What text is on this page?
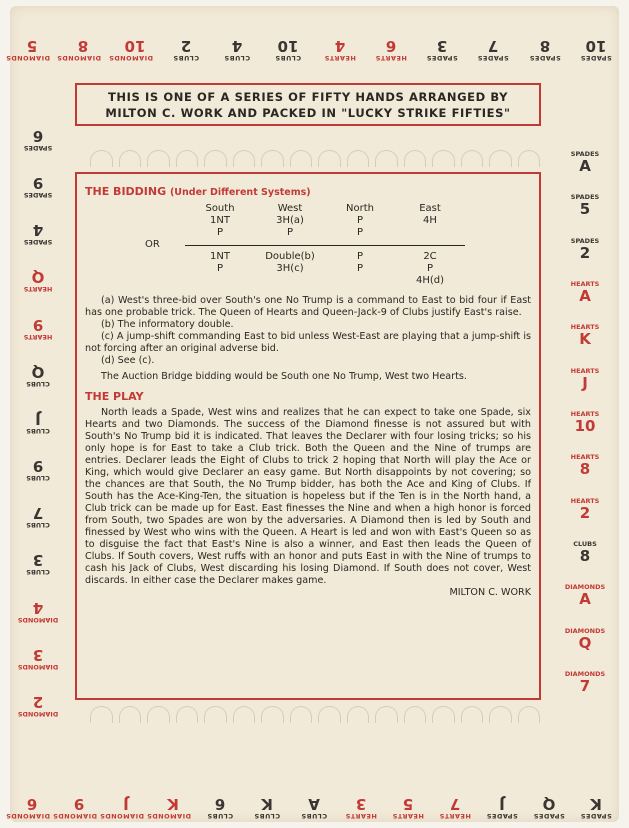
DIAMONDS
5
DIAMONDS
8
DIAMONDS
10
CLUBS
2
CLUBS
4
CLUBS
10
HEARTS
4
HEARTS
6
SPADES
3
SPADES
7
SPADES
8
SPADES
10
DIAMONDS
6
DIAMONDS
9
DIAMONDS
J
DIAMONDS
K
CLUBS
6
CLUBS
K
CLUBS
A
HEARTS
3
HEARTS
5
HEARTS
7
SPADES
J
SPADES
Q
SPADES
K
SPADES
6
SPADES
9
SPADES
4
HEARTS
Q
HEARTS
9
CLUBS
Q
CLUBS
J
CLUBS
9
CLUBS
7
CLUBS
3
DIAMONDS
4
DIAMONDS
3
DIAMONDS
2
SPADES
A
SPADES
5
SPADES
2
HEARTS
A
HEARTS
K
HEARTS
J
HEARTS
10
HEARTS
8
HEARTS
2
CLUBS
8
DIAMONDS
A
DIAMONDS
Q
DIAMONDS
7
THIS IS ONE OF A SERIES OF FIFTY HANDS ARRANGED BY
MILTON C. WORK AND PACKED IN "LUCKY STRIKE FIFTIES"
THE BIDDING (Under Different Systems)
	South	West	North	East
	1NT	3H(a)	P	4H
	P	P	P	
OR				

	1NT	Double(b)	P	2C
	P	3H(c)	P	P
				4H(d)

(a) West's three-bid over South's one No Trump is a command to East to bid four if East has one probable trick. The Queen of Hearts and Queen-Jack-9 of Clubs justify East's raise.

(b) The informatory double.

(c) A jump-shift commanding East to bid unless West-East are playing that a jump-shift is not forcing after an original adverse bid.

(d) See (c).

The Auction Bridge bidding would be South one No Trump, West two Hearts.

THE PLAY

North leads a Spade, West wins and realizes that he can expect to take one Spade, six Hearts and two Diamonds. The success of the Diamond finesse is not assured but with South's No Trump bid it is indicated. That leaves the Declarer with four losing tricks; so his only hope is for East to take a Club trick. Both the Queen and the Nine of trumps are entries. Declarer leads the Eight of Clubs to trick 2 hoping that North will play the Ace or King, which would give Declarer an easy game. But North disappoints by not covering; so the chances are that South, the No Trump bidder, has both the Ace and King of Clubs. If South has the Ace-King-Ten, the situation is hopeless but if the Ten is in the North hand, a Club trick can be made up for East. East finesses the Nine and when a high honor is forced from South, two Spades are won by the adversaries. A Diamond then is led by South and finessed by West who wins with the Queen. A Heart is led and won with East's Queen so as to disguise the fact that East's Nine is also a winner, and East then leads the Queen of Clubs. If South covers, West ruffs with an honor and puts East in with the Nine of trumps to cash his Jack of Clubs, West discarding his losing Diamond. If South does not cover, West discards. In either case the Declarer makes game.

MILTON C. WORK
